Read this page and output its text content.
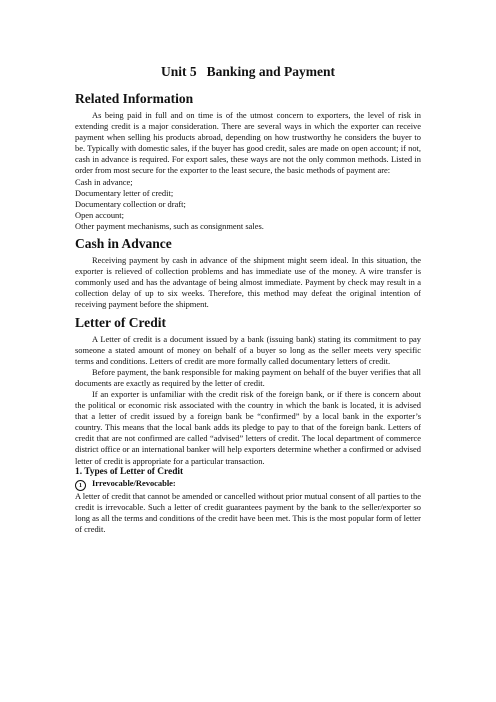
Unit 5 Banking and Payment
Related Information

As being paid in full and on time is of the utmost concern to exporters, the level of risk in extending credit is a major consideration. There are several ways in which the exporter can receive payment when selling his products abroad, depending on how trustworthy he considers the buyer to be. Typically with domestic sales, if the buyer has good credit, sales are made on open account; if not, cash in advance is required. For export sales, these ways are not the only common methods. Listed in order from most secure for the exporter to the least secure, the basic methods of payment are:

Cash in advance;
Documentary letter of credit;
Documentary collection or draft;
Open account;
Other payment mechanisms, such as consignment sales.
Cash in Advance

Receiving payment by cash in advance of the shipment might seem ideal. In this situation, the exporter is relieved of collection problems and has immediate use of the money. A wire transfer is commonly used and has the advantage of being almost immediate. Payment by check may result in a collection delay of up to six weeks. Therefore, this method may defeat the original intention of receiving payment before the shipment.

Letter of Credit

A Letter of credit is a document issued by a bank (issuing bank) stating its commitment to pay someone a stated amount of money on behalf of a buyer so long as the seller meets very specific terms and conditions. Letters of credit are more formally called documentary letters of credit.

Before payment, the bank responsible for making payment on behalf of the buyer verifies that all documents are exactly as required by the letter of credit.

If an exporter is unfamiliar with the credit risk of the foreign bank, or if there is concern about the political or economic risk associated with the country in which the bank is located, it is advised that a letter of credit issued by a foreign bank be “confirmed” by a local bank in the exporter’s country. This means that the local bank adds its pledge to pay to that of the foreign bank. Letters of credit that are not confirmed are called “advised” letters of credit. The local department of commerce district office or an international banker will help exporters determine whether a confirmed or advised letter of credit is appropriate for a particular transaction.

1. Types of Letter of Credit
1 Irrevocable/Revocable:

A letter of credit that cannot be amended or cancelled without prior mutual consent of all parties to the credit is irrevocable. Such a letter of credit guarantees payment by the bank to the seller/exporter so long as all the terms and conditions of the credit have been met. This is the most popular form of letter of credit.
